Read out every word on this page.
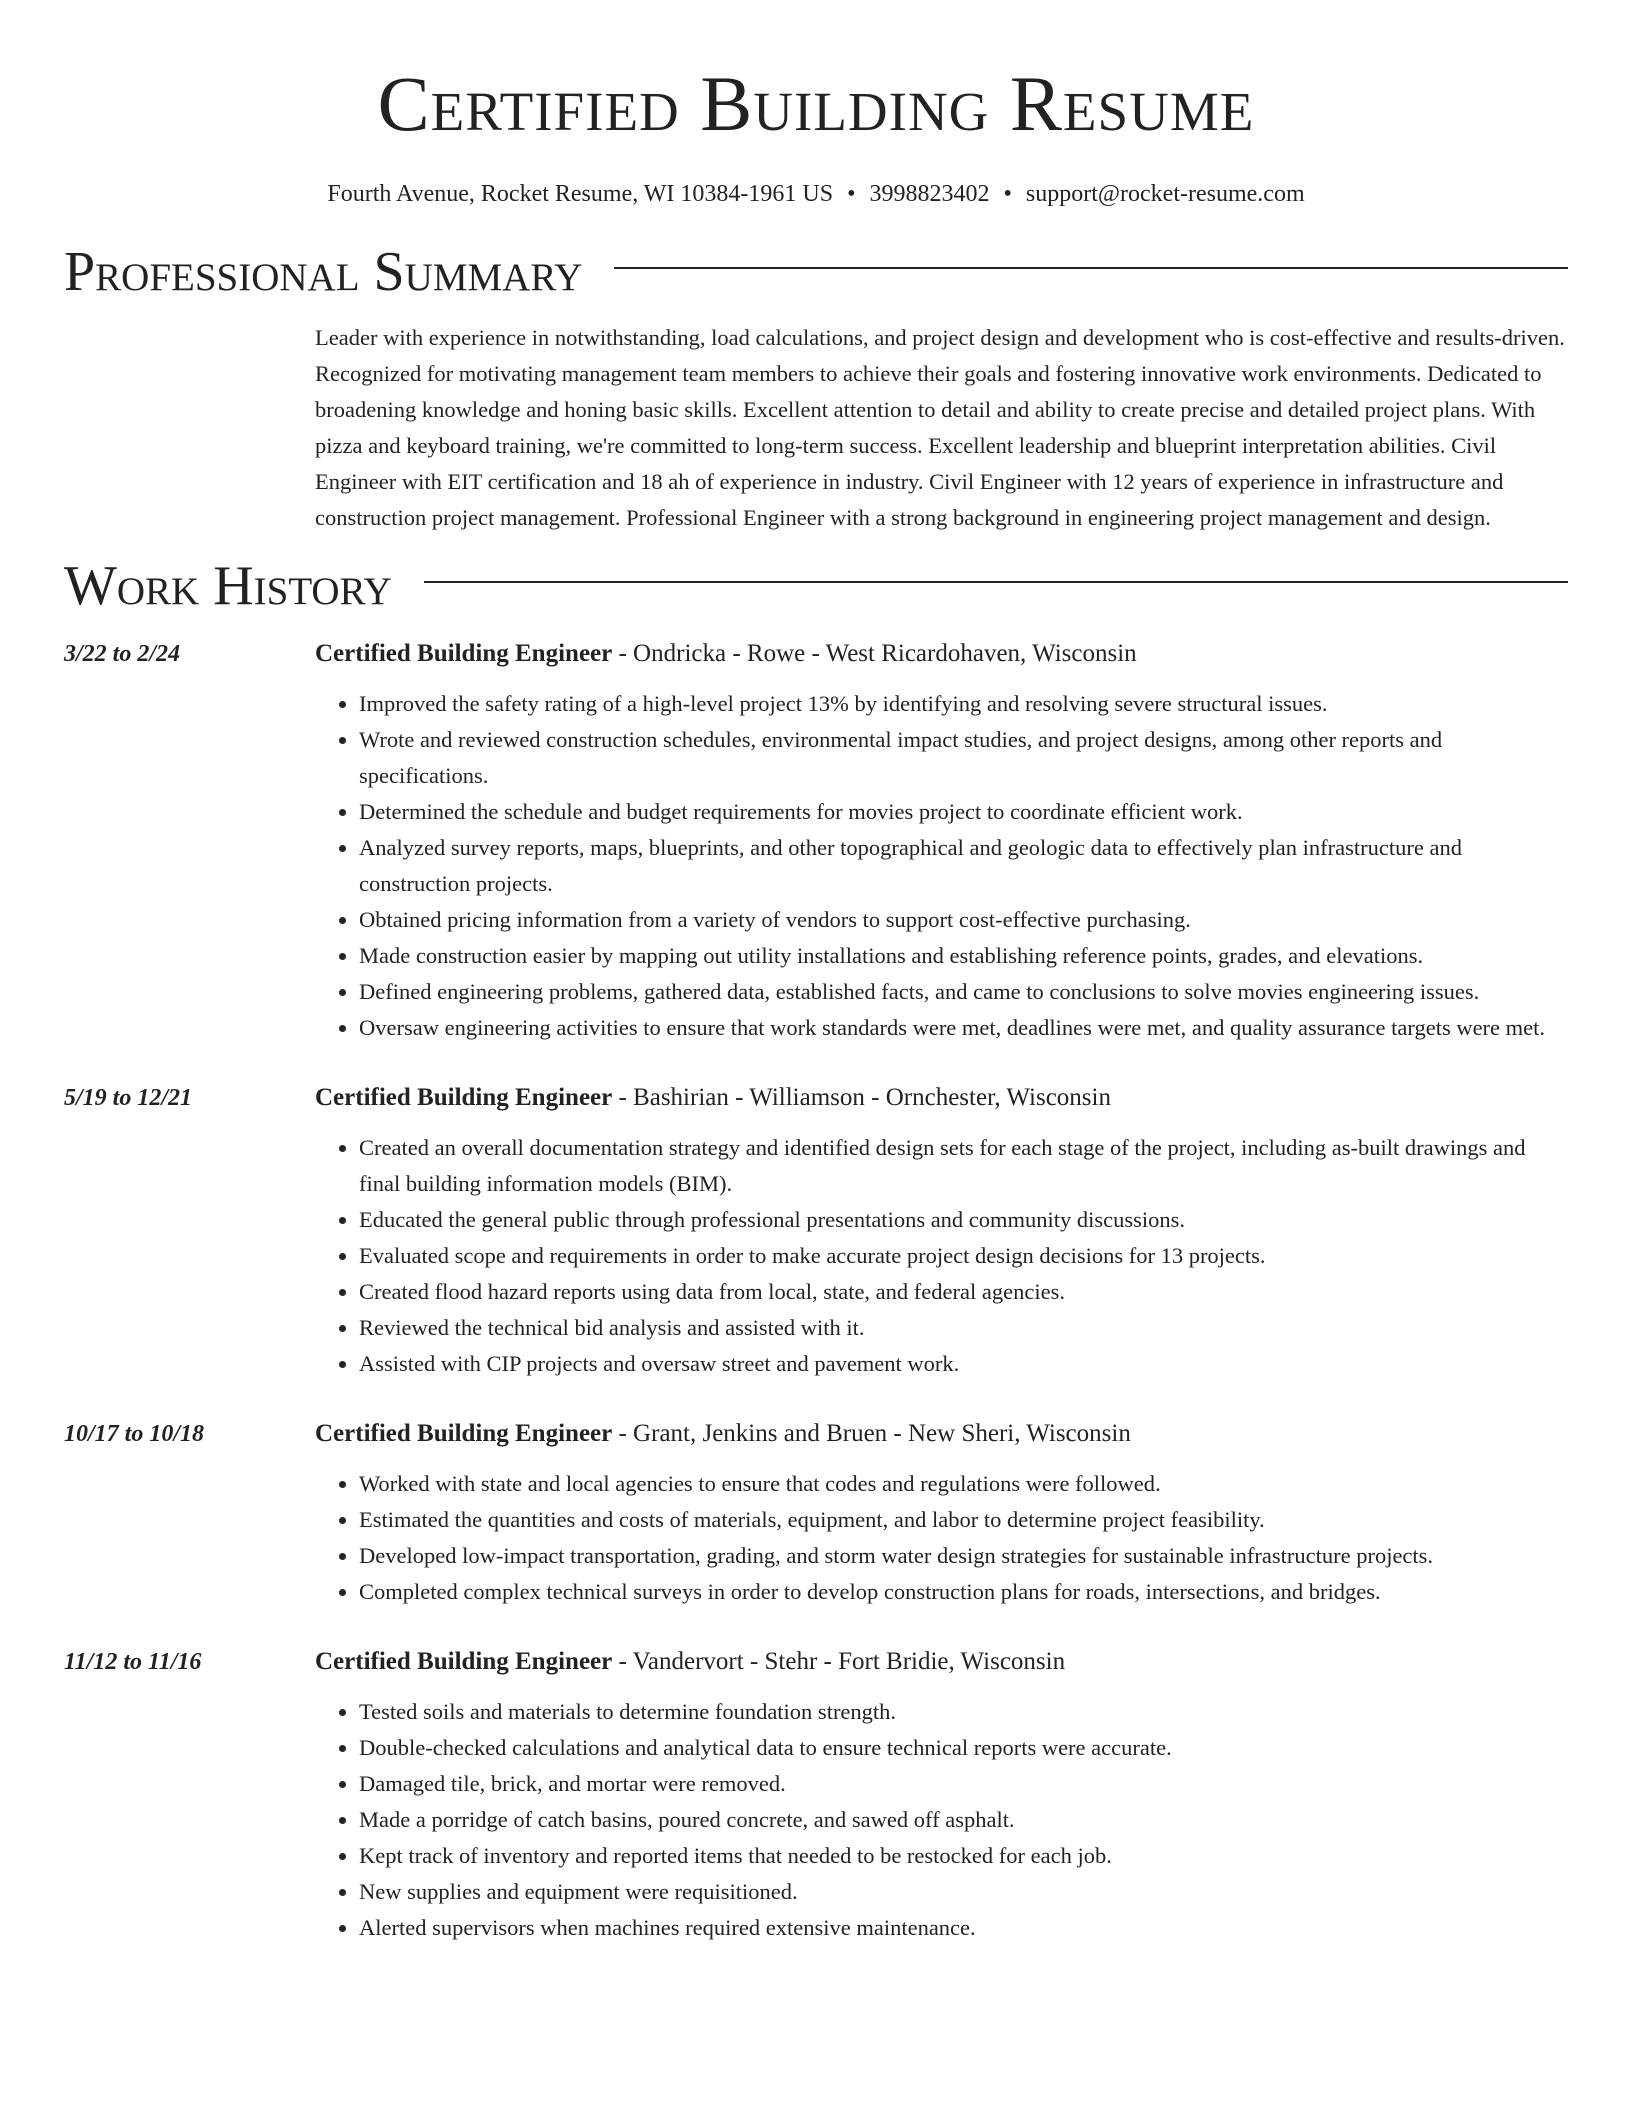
Certified Building Resume
Fourth Avenue, Rocket Resume, WI 10384-1961 US • 3998823402 • support@rocket-resume.com
Professional Summary
Leader with experience in notwithstanding, load calculations, and project design and development who is cost-effective and results-driven. Recognized for motivating management team members to achieve their goals and fostering innovative work environments. Dedicated to broadening knowledge and honing basic skills. Excellent attention to detail and ability to create precise and detailed project plans. With pizza and keyboard training, we're committed to long-term success. Excellent leadership and blueprint interpretation abilities. Civil Engineer with EIT certification and 18 ah of experience in industry. Civil Engineer with 12 years of experience in infrastructure and construction project management. Professional Engineer with a strong background in engineering project management and design.
Work History
3/22 to 2/24	Certified Building Engineer - Ondricka - Rowe - West Ricardohaven, Wisconsin
• Improved the safety rating of a high-level project 13% by identifying and resolving severe structural issues.
• Wrote and reviewed construction schedules, environmental impact studies, and project designs, among other reports and specifications.
• Determined the schedule and budget requirements for movies project to coordinate efficient work.
• Analyzed survey reports, maps, blueprints, and other topographical and geologic data to effectively plan infrastructure and construction projects.
• Obtained pricing information from a variety of vendors to support cost-effective purchasing.
• Made construction easier by mapping out utility installations and establishing reference points, grades, and elevations.
• Defined engineering problems, gathered data, established facts, and came to conclusions to solve movies engineering issues.
• Oversaw engineering activities to ensure that work standards were met, deadlines were met, and quality assurance targets were met.
5/19 to 12/21	Certified Building Engineer - Bashirian - Williamson - Ornchester, Wisconsin
• Created an overall documentation strategy and identified design sets for each stage of the project, including as-built drawings and final building information models (BIM).
• Educated the general public through professional presentations and community discussions.
• Evaluated scope and requirements in order to make accurate project design decisions for 13 projects.
• Created flood hazard reports using data from local, state, and federal agencies.
• Reviewed the technical bid analysis and assisted with it.
• Assisted with CIP projects and oversaw street and pavement work.
10/17 to 10/18	Certified Building Engineer - Grant, Jenkins and Bruen - New Sheri, Wisconsin
• Worked with state and local agencies to ensure that codes and regulations were followed.
• Estimated the quantities and costs of materials, equipment, and labor to determine project feasibility.
• Developed low-impact transportation, grading, and storm water design strategies for sustainable infrastructure projects.
• Completed complex technical surveys in order to develop construction plans for roads, intersections, and bridges.
11/12 to 11/16	Certified Building Engineer - Vandervort - Stehr - Fort Bridie, Wisconsin
• Tested soils and materials to determine foundation strength.
• Double-checked calculations and analytical data to ensure technical reports were accurate.
• Damaged tile, brick, and mortar were removed.
• Made a porridge of catch basins, poured concrete, and sawed off asphalt.
• Kept track of inventory and reported items that needed to be restocked for each job.
• New supplies and equipment were requisitioned.
• Alerted supervisors when machines required extensive maintenance.
